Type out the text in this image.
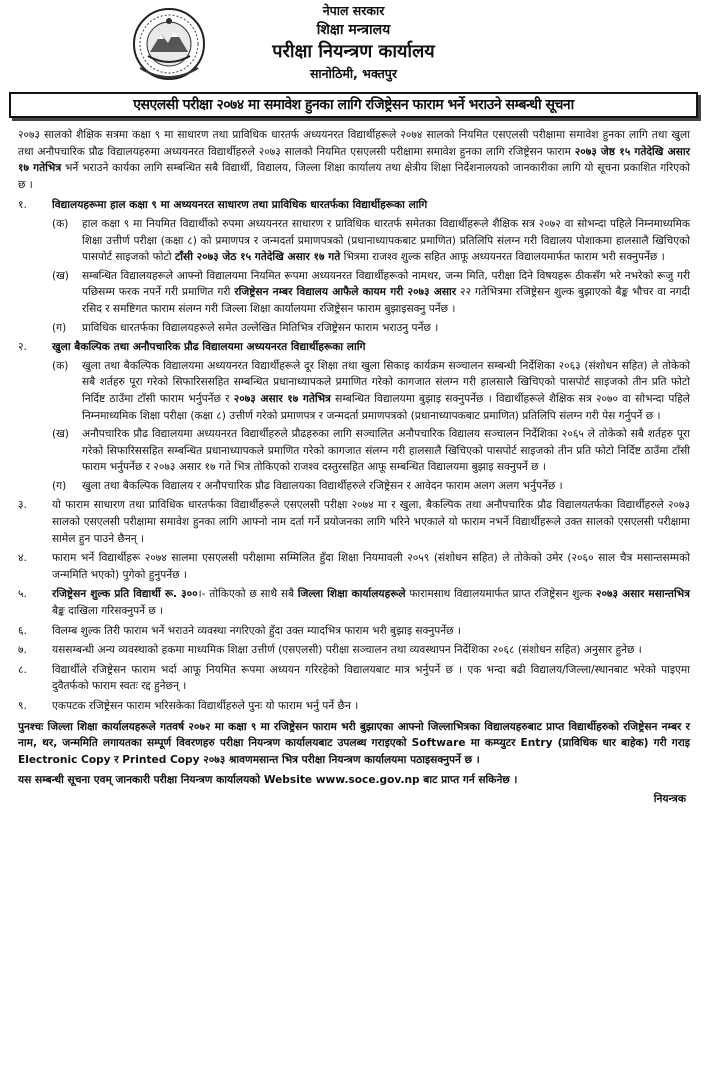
नेपाल सरकार
शिक्षा मन्त्रालय
परीक्षा नियन्त्रण कार्यालय
सानोठिमी, भक्तपुर
एसएलसी परीक्षा २०७४ मा समावेश हुनका लागि रजिष्ट्रेसन फाराम भर्ने भराउने सम्बन्धी सूचना

२०७३ सालको शैक्षिक सत्रमा कक्षा ९ मा साधारण तथा प्राविधिक धारतर्फ अध्ययनरत विद्यार्थीहरूले २०७४ सालको नियमित एसएलसी परीक्षामा समावेश हुनका लागि तथा खुला तथा अनौपचारिक प्रौढ विद्यालयहरुमा अध्ययनरत विद्यार्थीहरुले २०७३ सालको नियमित एसएलसी परीक्षामा समावेश हुनका लागि रजिष्ट्रेसन फाराम २०७३ जेष्ठ १५ गतेदेखि असार १७ गतेभित्र भर्ने भराउने कार्यका लागि सम्बन्धित सबै विद्यार्थी, विद्यालय, जिल्ला शिक्षा कार्यालय तथा क्षेत्रीय शिक्षा निर्देशनालयको जानकारीका लागि यो सूचना प्रकाशित गरिएको छ ।

१.	विद्यालयहरूमा हाल कक्षा ९ मा अध्ययनरत साधारण तथा प्राविधिक धारतर्फका विद्यार्थीहरूका लागि
(क)	हाल कक्षा ९ मा नियमित विद्यार्थीको रुपमा अध्ययनरत साधारण र प्राविधिक धारतर्फ समेतका विद्यार्थीहरूले शैक्षिक सत्र २०७२ वा सोभन्दा पहिले निम्नमाध्यमिक शिक्षा उत्तीर्ण परीक्षा (कक्षा ८) को प्रमाणपत्र र जन्मदर्ता प्रमाणपत्रको (प्रधानाध्यापकबाट प्रमाणित) प्रतिलिपि संलग्न गरी विद्यालय पोशाकमा हालसालै खिचिएको पासपोर्ट साइजको फोटो टाँसी २०७३ जेठ १५ गतेदेखि असार १७ गते भित्रमा राजश्व शुल्क सहित आफू अध्ययनरत विद्यालयमार्फत फाराम भरी सक्नुपर्नेछ ।
(ख)	सम्बन्धित विद्यालयहरूले आफ्नो विद्यालयमा नियमित रूपमा अध्ययनरत विद्यार्थीहरूको नामथर, जन्म मिति, परीक्षा दिने विषयहरू ठीकसँग भरे नभरेको रूजु गरी पछिसम्म फरक नपर्ने गरी प्रमाणित गरी रजिष्ट्रेसन नम्बर विद्यालय आफैले कायम गरी २०७३ असार २२ गतेभित्रमा रजिष्ट्रेसन शुल्क बुझाएको बैङ्क भौचर वा नगदी रसिद र समष्टिगत फाराम संलग्न गरी जिल्ला शिक्षा कार्यालयमा रजिष्ट्रेसन फाराम बुझाइसक्नु पर्नेछ ।
(ग)	प्राविधिक धारतर्फका विद्यालयहरूले समेत उल्लेखित मितिभित्र रजिष्ट्रेसन फाराम भराउनु पर्नेछ ।
२.	खुला बैकल्पिक तथा अनौपचारिक प्रौढ विद्यालयमा अध्ययनरत विद्यार्थीहरूका लागि
(क)	खुला तथा बैकल्पिक विद्यालयमा अध्ययनरत विद्यार्थीहरूले दूर शिक्षा तथा खुला सिकाइ कार्यक्रम सञ्चालन सम्बन्धी निर्देशिका २०६३ (संशोधन सहित) ले तोकेको सबै शर्तहरु पूरा गरेको सिफारिससहित सम्बन्धित प्रधानाध्यापकले प्रमाणित गरेको कागजात संलग्न गरी हालसालै खिचिएको पासपोर्ट साइजको तीन प्रति फोटो निर्दिष्ट ठाउँमा टाँसी फाराम भर्नुपर्नेछ र २०७३ असार १७ गतेभित्र सम्बन्धित विद्यालयमा बुझाइ सक्नुपर्नेछ । विद्यार्थीहरूले शैक्षिक सत्र २०७० वा सोभन्दा पहिले निम्नमाध्यमिक शिक्षा परीक्षा (कक्षा ८) उत्तीर्ण गरेको प्रमाणपत्र र जन्मदर्ता प्रमाणपत्रको (प्रधानाध्यापकबाट प्रमाणित) प्रतिलिपि संलग्न गरी पेस गर्नुपर्ने छ ।
(ख)	अनौपचारिक प्रौढ विद्यालयमा अध्ययनरत विद्यार्थीहरुले प्रौढहरुका लागि सञ्चालित अनौपचारिक विद्यालय सञ्चालन निर्देशिका २०६५ ले तोकेको सबै शर्तहरु पूरा गरेको सिफारिससहित सम्बन्धित प्रधानाध्यापकले प्रमाणित गरेको कागजात संलग्न गरी हालसालै खिचिएको पासपोर्ट साइजको तीन प्रति फोटो निर्दिष्ट ठाउँमा टाँसी फाराम भर्नुपर्नेछ र २०७३ असार १७ गते भित्र तोकिएको राजश्व दस्तुरसहित आफू सम्बन्धित विद्यालयमा बुझाइ सक्नुपर्ने छ ।
(ग)	खुला तथा बैकल्पिक विद्यालय र अनौपचारिक प्रौढ विद्यालयका विद्यार्थीहरुले रजिष्ट्रेसन र आवेदन फाराम अलग अलग भर्नुपर्नेछ ।
३.	यो फाराम साधारण तथा प्राविधिक धारतर्फका विद्यार्थीहरूले एसएलसी परीक्षा २०७४ मा र खुला, बैकल्पिक तथा अनौपचारिक प्रौढ विद्यालयतर्फका विद्यार्थीहरुले २०७३ सालको एसएलसी परीक्षामा समावेश हुनका लागि आफ्नो नाम दर्ता गर्ने प्रयोजनका लागि भरिने भएकाले यो फाराम नभर्ने विद्यार्थीहरूले उक्त सालको एसएलसी परीक्षामा सामेल हुन पाउने छैनन् ।
४.	फाराम भर्ने विद्यार्थीहरू २०७४ सालमा एसएलसी परीक्षामा सम्मिलित हुँदा शिक्षा नियमावली २०५९ (संशोधन सहित) ले तोकेको उमेर (२०६० साल चैत्र मसान्तसम्मको जन्ममिति भएको) पुगेको हुनुपर्नेछ ।
५.	रजिष्ट्रेसन शुल्क प्रति विद्यार्थी रू. ३००।- तोकिएको छ साथै सबै जिल्ला शिक्षा कार्यालयहरूले फारामसाथ विद्यालयमार्फत प्राप्त रजिष्ट्रेसन शुल्क २०७३ असार मसान्तभित्र बैङ्क दाखिला गरिसक्नुपर्ने छ ।
६.	विलम्ब शुल्क तिरी फाराम भर्ने भराउने व्यवस्था नगरिएको हुँदा उक्त म्यादभित्र फाराम भरी बुझाइ सक्नुपर्नेछ ।
७.	यससम्बन्धी अन्य व्यवस्थाको हकमा माध्यमिक शिक्षा उत्तीर्ण (एसएलसी) परीक्षा सञ्चालन तथा व्यवस्थापन निर्देशिका २०६८ (संशोधन सहित) अनुसार हुनेछ ।
८.	विद्यार्थीले रजिष्ट्रेसन फाराम भर्दा आफू नियमित रूपमा अध्ययन गरिरहेको विद्यालयबाट मात्र भर्नुपर्ने छ । एक भन्दा बढी विद्यालय/जिल्ला/स्थानबाट भरेको पाइएमा दुवैतर्फको फाराम स्वतः रद्द हुनेछन् ।
९.	एकपटक रजिष्ट्रेसन फाराम भरिसकेका विद्यार्थीहरुले पुनः यो फाराम भर्नु पर्ने छैन ।
पुनश्चः जिल्ला शिक्षा कार्यालयहरूले गतवर्ष २०७२ मा कक्षा ९ मा रजिष्ट्रेसन फाराम भरी बुझाएका आफ्नो जिल्लाभित्रका विद्यालयहरुबाट प्राप्त विद्यार्थीहरुको रजिष्ट्रेसन नम्बर र नाम, थर, जन्ममिति लगायतका सम्पूर्ण विवरणहरु परीक्षा नियन्त्रण कार्यालयबाट उपलब्ध गराइएको Software मा कम्प्युटर Entry (प्राविधिक धार बाहेक) गरी गराइ Electronic Copy र Printed Copy २०७३ श्रावणमसान्त भित्र परीक्षा नियन्त्रण कार्यालयमा पठाइसक्नुपर्ने छ ।
यस सम्बन्धी सूचना एवम् जानकारी परीक्षा नियन्त्रण कार्यालयको Website www.soce.gov.np बाट प्राप्त गर्न सकिनेछ ।
नियन्त्रक
